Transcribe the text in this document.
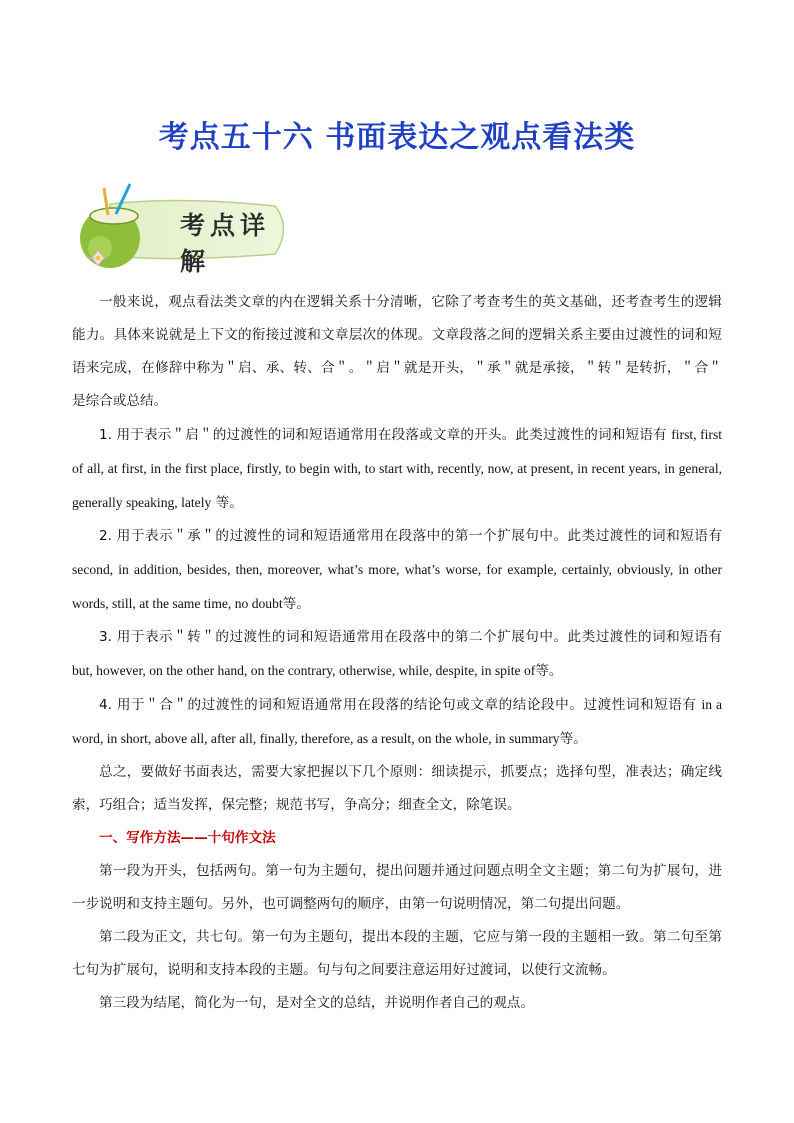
考点五十六 书面表达之观点看法类
考点详解

一般来说，观点看法类文章的内在逻辑关系十分清晰，它除了考查考生的英文基础，还考查考生的逻辑能力。具体来说就是上下文的衔接过渡和文章层次的体现。文章段落之间的逻辑关系主要由过渡性的词和短语来完成，在修辞中称为＂启、承、转、合＂。＂启＂就是开头，＂承＂就是承接，＂转＂是转折，＂合＂是综合或总结。

1. 用于表示＂启＂的过渡性的词和短语通常用在段落或文章的开头。此类过渡性的词和短语有 first, first of all, at first, in the first place, firstly, to begin with, to start with, recently, now, at present, in recent years, in general, generally speaking, lately 等。

2. 用于表示＂承＂的过渡性的词和短语通常用在段落中的第一个扩展句中。此类过渡性的词和短语有 second, in addition, besides, then, moreover, what’s more, what’s worse, for example, certainly, obviously, in other words, still, at the same time, no doubt等。

3. 用于表示＂转＂的过渡性的词和短语通常用在段落中的第二个扩展句中。此类过渡性的词和短语有 but, however, on the other hand, on the contrary, otherwise, while, despite, in spite of等。

4. 用于＂合＂的过渡性的词和短语通常用在段落的结论句或文章的结论段中。过渡性词和短语有 in a word, in short, above all, after all, finally, therefore, as a result, on the whole, in summary等。

总之，要做好书面表达，需要大家把握以下几个原则：细读提示，抓要点；选择句型，准表达；确定线索，巧组合；适当发挥，保完整；规范书写，争高分；细查全文，除笔误。

一、写作方法——十句作文法

第一段为开头，包括两句。第一句为主题句，提出问题并通过问题点明全文主题；第二句为扩展句，进一步说明和支持主题句。另外，也可调整两句的顺序，由第一句说明情况，第二句提出问题。

第二段为正文，共七句。第一句为主题句，提出本段的主题，它应与第一段的主题相一致。第二句至第七句为扩展句，说明和支持本段的主题。句与句之间要注意运用好过渡词，以使行文流畅。

第三段为结尾，简化为一句，是对全文的总结，并说明作者自己的观点。
